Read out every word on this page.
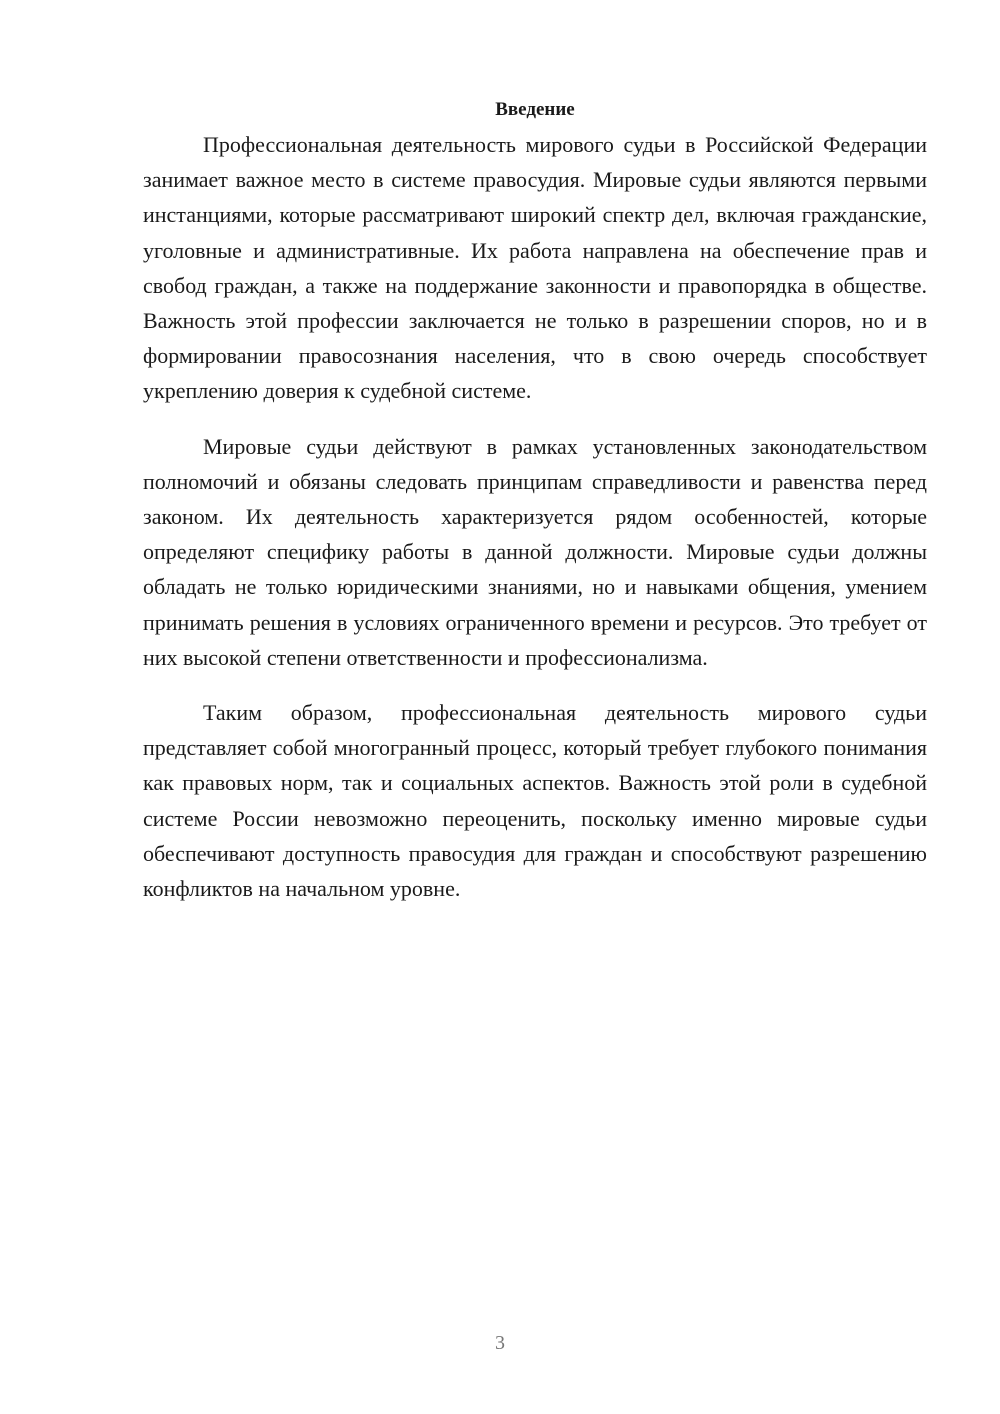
Введение

Профессиональная деятельность мирового судьи в Российской Федерации занимает важное место в системе правосудия. Мировые судьи являются первыми инстанциями, которые рассматривают широкий спектр дел, включая гражданские, уголовные и административные. Их работа направлена на обеспечение прав и свобод граждан, а также на поддержание законности и правопорядка в обществе. Важность этой профессии заключается не только в разрешении споров, но и в формировании правосознания населения, что в свою очередь способствует укреплению доверия к судебной системе.

Мировые судьи действуют в рамках установленных законодательством полномочий и обязаны следовать принципам справедливости и равенства перед законом. Их деятельность характеризуется рядом особенностей, которые определяют специфику работы в данной должности. Мировые судьи должны обладать не только юридическими знаниями, но и навыками общения, умением принимать решения в условиях ограниченного времени и ресурсов. Это требует от них высокой степени ответственности и профессионализма.

Таким образом, профессиональная деятельность мирового судьи представляет собой многогранный процесс, который требует глубокого понимания как правовых норм, так и социальных аспектов. Важность этой роли в судебной системе России невозможно переоценить, поскольку именно мировые судьи обеспечивают доступность правосудия для граждан и способствуют разрешению конфликтов на начальном уровне.

3
